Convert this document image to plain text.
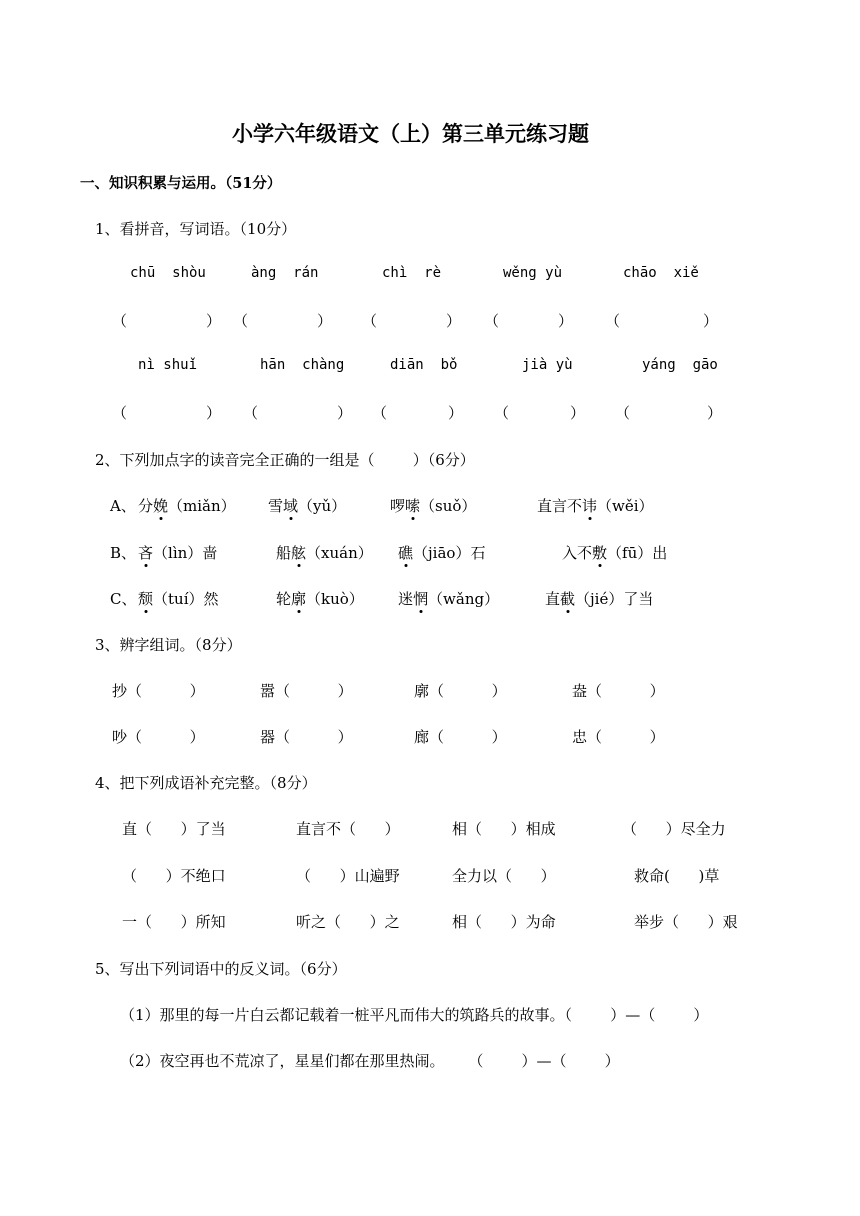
小学六年级语文（上）第三单元练习题
一、知识积累与运用。（51分）
1、看拼音，写词语。（10分）
chū  shòu	àng  rán	chì  rè	wěng yù	chāo  xiě
（	） （	） （	） （	） （	）
nì shuǐ	hān  chàng	diān  bǒ	jià yù	yáng  gāo
（	） （	） （	） （	） （	）
2、下列加点字的读音完全正确的一组是（        ）（6分）
A、 分娩（miǎn） 雪域（yǔ）	啰嗦（suǒ）	直言不讳（wěi）
B、 吝（lìn）啬	船舷（xuán） 礁（jiāo）石	入不敷（fū）出
C、 颓（tuí）然	轮廓（kuò） 迷惘（wǎng）	直截（jié）了当
3、辨字组词。（8分）
抄（          ）	嚣（          ）	廓（          ）	盎（          ）
吵（          ）	器（          ）	廊（          ）	忠（          ）
4、把下列成语补充完整。（8分）
直（      ）了当	直言不（      ）	相（      ）相成	（      ）尽全力
（      ）不绝口	（      ）山遍野	全力以（      ）	救命(      )草
一（      ）所知	听之（      ）之	相（      ）为命	举步（      ）艰
5、写出下列词语中的反义词。（6分）
（1）那里的每一片白云都记载着一桩平凡而伟大的筑路兵的故事。（        ）—（        ）
（2）夜空再也不荒凉了，星星们都在那里热闹。     （        ）—（        ）
